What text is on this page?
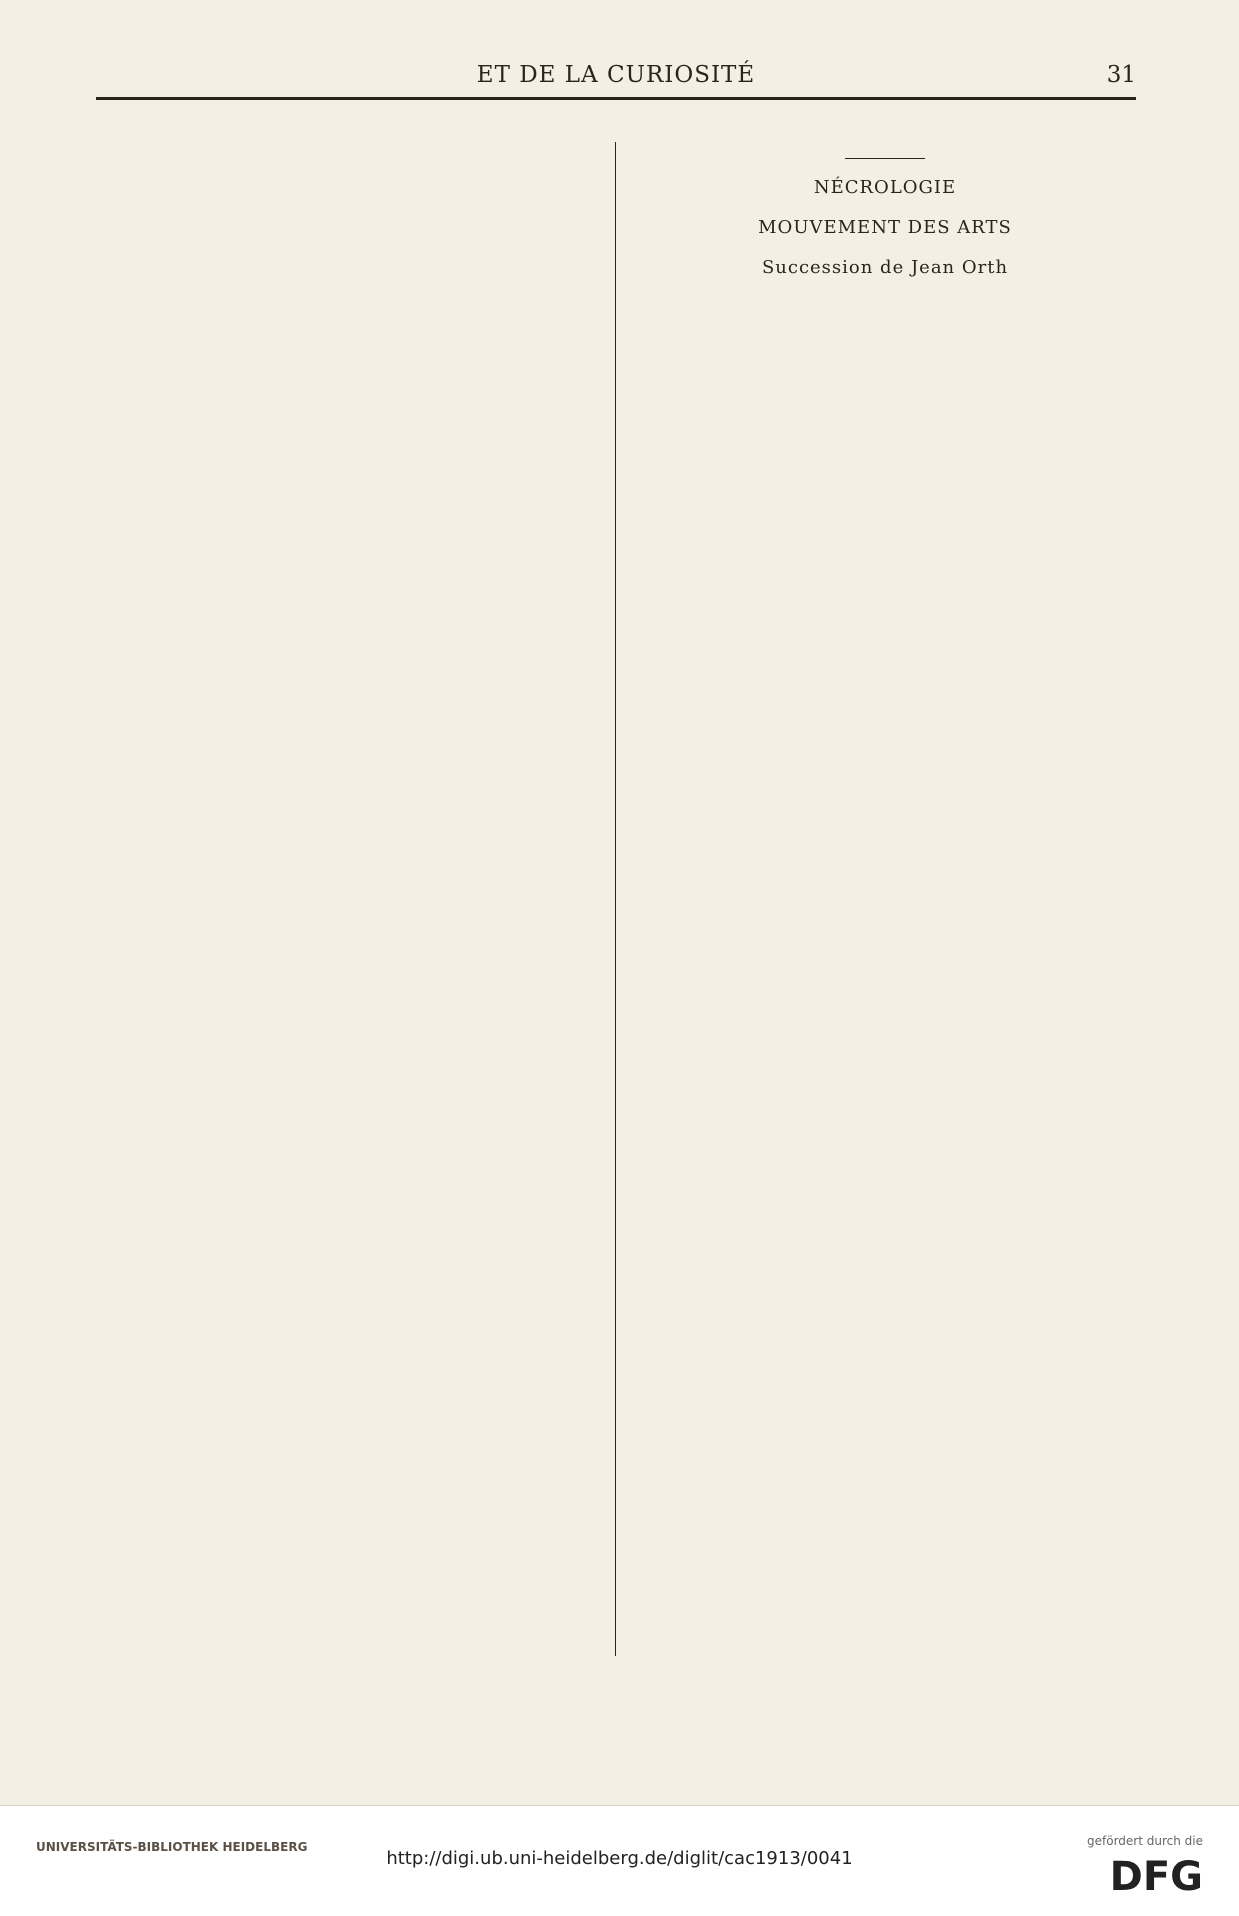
ET DE LA CURIOSITÉ	31
NÉCROLOGIE
MOUVEMENT DES ARTS
Succession de Jean Orth
UNIVERSITÄTS-BIBLIOTHEK HEIDELBERG
http://digi.ub.uni-heidelberg.de/diglit/cac1913/0041
gefördert durch die
DFG
